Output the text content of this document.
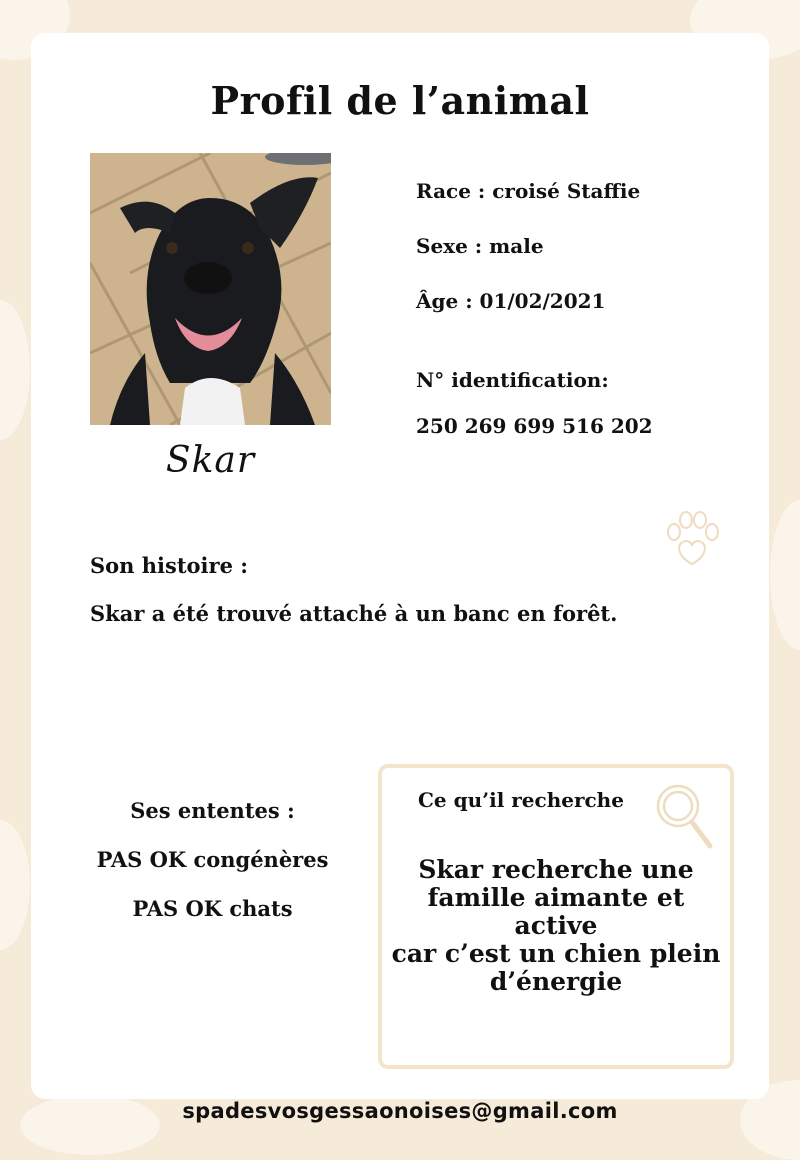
Profil de l’animal
Skar
Race : croisé Staffie
Sexe : male
Âge : 01/02/2021
N° identification:
250 269 699 516 202
Son histoire :
Skar a été trouvé attaché à un banc en forêt.
Ses ententes :
PAS OK congénères
PAS OK chats
Ce qu’il recherche
Skar recherche une
famille aimante et active
car c’est un chien plein
d’énergie
spadesvosgessaonoises@gmail.com
